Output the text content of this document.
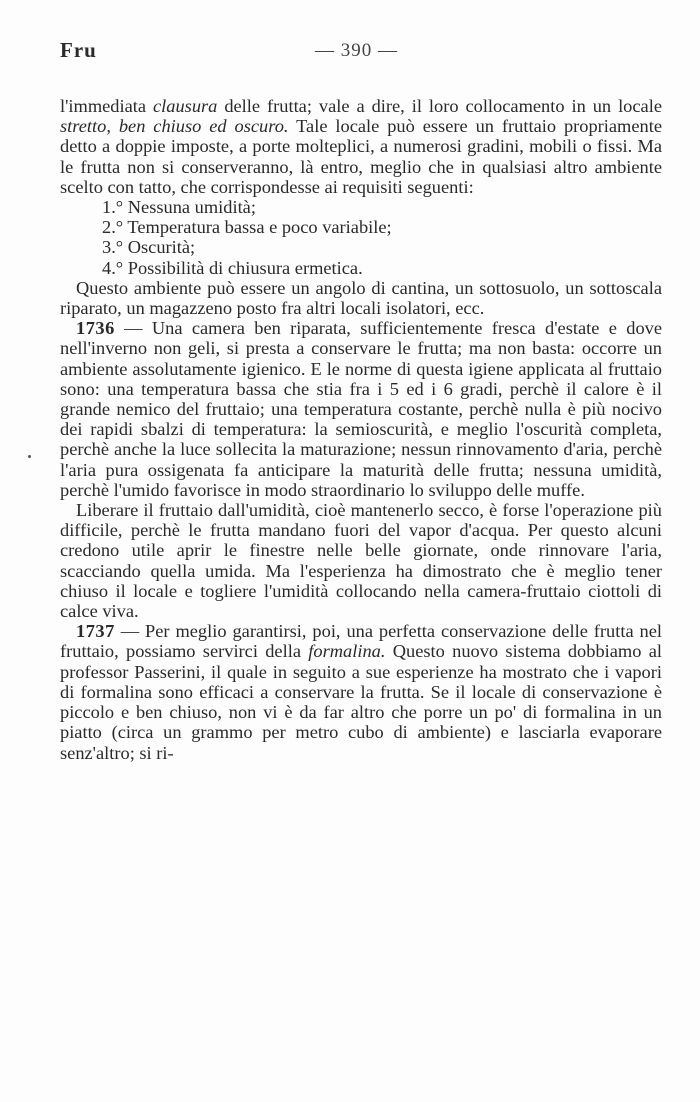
Fru	— 390 —

l'immediata clausura delle frutta; vale a dire, il loro collocamento in un locale stretto, ben chiuso ed oscuro. Tale locale può essere un fruttaio propriamente detto a doppie imposte, a porte molteplici, a numerosi gradini, mobili o fissi. Ma le frutta non si conserveranno, là entro, meglio che in qualsiasi altro ambiente scelto con tatto, che corrispondesse ai requisiti seguenti:

1.° Nessuna umidità;
2.° Temperatura bassa e poco variabile;
3.° Oscurità;
4.° Possibilità di chiusura ermetica.

Questo ambiente può essere un angolo di cantina, un sottosuolo, un sottoscala riparato, un magazzeno posto fra altri locali isolatori, ecc.

1736 — Una camera ben riparata, sufficientemente fresca d'estate e dove nell'inverno non geli, si presta a conservare le frutta; ma non basta: occorre un ambiente assolutamente igienico. E le norme di questa igiene applicata al fruttaio sono: una temperatura bassa che stia fra i 5 ed i 6 gradi, perchè il calore è il grande nemico del fruttaio; una temperatura costante, perchè nulla è più nocivo dei rapidi sbalzi di temperatura: la semioscurità, e meglio l'oscurità completa, perchè anche la luce sollecita la maturazione; nessun rinnovamento d'aria, perchè l'aria pura ossigenata fa anticipare la maturità delle frutta; nessuna umidità, perchè l'umido favorisce in modo straordinario lo sviluppo delle muffe.

Liberare il fruttaio dall'umidità, cioè mantenerlo secco, è forse l'operazione più difficile, perchè le frutta mandano fuori del vapor d'acqua. Per questo alcuni credono utile aprir le finestre nelle belle giornate, onde rinnovare l'aria, scacciando quella umida. Ma l'esperienza ha dimostrato che è meglio tener chiuso il locale e togliere l'umidità collocando nella camera-fruttaio ciottoli di calce viva.

1737 — Per meglio garantirsi, poi, una perfetta conservazione delle frutta nel fruttaio, possiamo servirci della formalina. Questo nuovo sistema dobbiamo al professor Passerini, il quale in seguito a sue esperienze ha mostrato che i vapori di formalina sono efficaci a conservare la frutta. Se il locale di conservazione è piccolo e ben chiuso, non vi è da far altro che porre un po' di formalina in un piatto (circa un grammo per metro cubo di ambiente) e lasciarla evaporare senz'altro; si ri-
